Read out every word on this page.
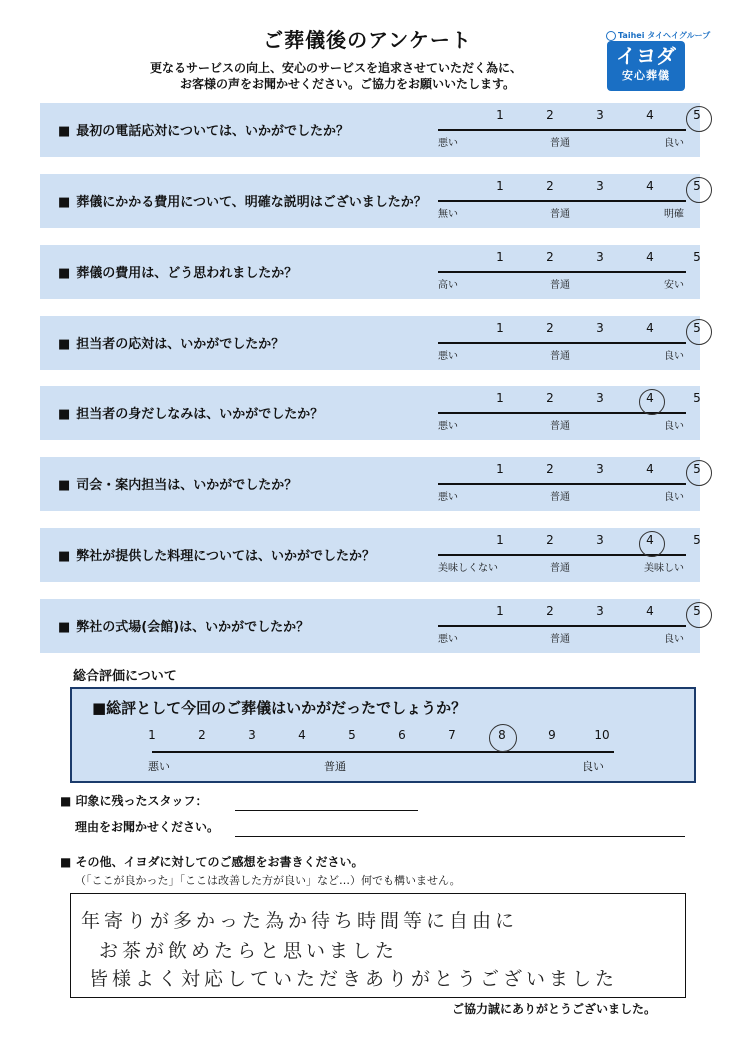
ご葬儀後のアンケート
更なるサービスの向上、安心のサービスを追求させていただく為に、
お客様の声をお聞かせください。ご協力をお願いいたします。
Taihei タイヘイグループ
イヨダ
安心葬儀
■ 最初の電話応対については、いかがでしたか？
1	2	3	4	5
悪い	普通	良い
■ 葬儀にかかる費用について、明確な説明はございましたか？
1	2	3	4	5
無い	普通	明確
■ 葬儀の費用は、どう思われましたか？
1	2	3	4	5
高い	普通	安い
■ 担当者の応対は、いかがでしたか？
1	2	3	4	5
悪い	普通	良い
■ 担当者の身だしなみは、いかがでしたか？
1	2	3	4	5
悪い	普通	良い
■ 司会・案内担当は、いかがでしたか？
1	2	3	4	5
悪い	普通	良い
■ 弊社が提供した料理については、いかがでしたか？
1	2	3	4	5
美味しくない	普通	美味しい
■ 弊社の式場(会館)は、いかがでしたか？
1	2	3	4	5
悪い	普通	良い
総合評価について
■総評として今回のご葬儀はいかがだったでしょうか？
悪い	普通	良い
1	2	3	4	5	6	7	8	9	10
■ 印象に残ったスタッフ：
理由をお聞かせください。
■ その他、イヨダに対してのご感想をお書きください。
（「ここが良かった」「ここは改善した方が良い」など…）何でも構いません。
年寄りが多かった為か待ち時間等に自由に
お茶が飲めたらと思いました
皆様よく対応していただきありがとうございました
ご協力誠にありがとうございました。
